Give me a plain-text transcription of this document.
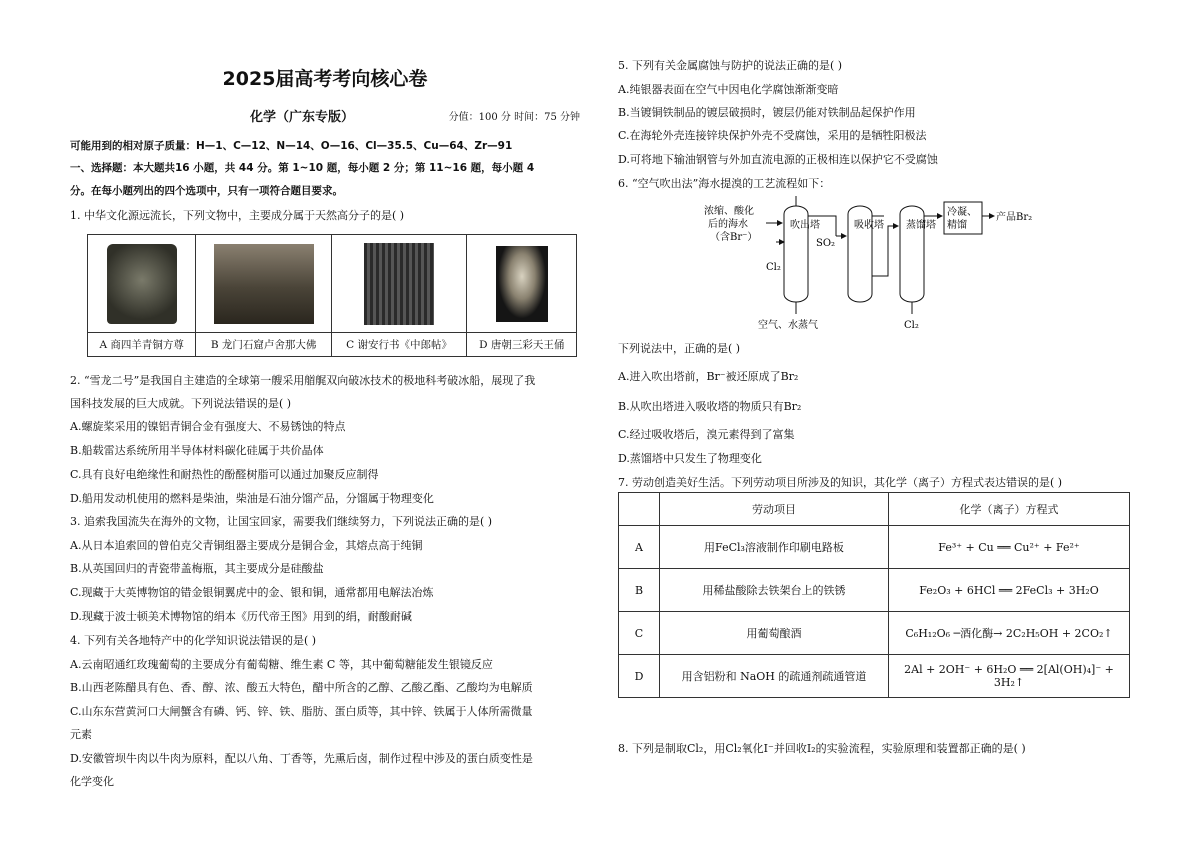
2025届高考考向核心卷
化学（广东专版）	分值：100 分 时间：75 分钟
可能用到的相对原子质量：H—1、C—12、N—14、O—16、Cl—35.5、Cu—64、Zr—91
一、选择题：本大题共16 小题，共 44 分。第 1~10 题，每小题 2 分；第 11~16 题，每小题 4
分。在每小题列出的四个选项中，只有一项符合题目要求。
1. 中华文化源远流长，下列文物中，主要成分属于天然高分子的是( )

A 商四羊青铜方尊	B 龙门石窟卢舍那大佛	C 谢安行书《中郎帖》	D 唐朝三彩天王俑
2. “雪龙二号”是我国自主建造的全球第一艘采用艏艉双向破冰技术的极地科考破冰船，展现了我
国科技发展的巨大成就。下列说法错误的是( )
A.螺旋桨采用的镍铝青铜合金有强度大、不易锈蚀的特点
B.船载雷达系统所用半导体材料碳化硅属于共价晶体
C.具有良好电绝缘性和耐热性的酚醛树脂可以通过加聚反应制得
D.船用发动机使用的燃料是柴油，柴油是石油分馏产品，分馏属于物理变化
3. 追索我国流失在海外的文物，让国宝回家，需要我们继续努力，下列说法正确的是( )
A.从日本追索回的曾伯克父青铜组器主要成分是铜合金，其熔点高于纯铜
B.从英国回归的青瓷带盖梅瓶，其主要成分是硅酸盐
C.现藏于大英博物馆的错金银铜翼虎中的金、银和铜，通常都用电解法冶炼
D.现藏于波士顿美术博物馆的绢本《历代帝王图》用到的绢，耐酸耐碱
4. 下列有关各地特产中的化学知识说法错误的是( )
A.云南昭通红玫瑰葡萄的主要成分有葡萄糖、维生素 C 等，其中葡萄糖能发生银镜反应
B.山西老陈醋具有色、香、醇、浓、酸五大特色，醋中所含的乙醇、乙酸乙酯、乙酸均为电解质
C.山东东营黄河口大闸蟹含有磷、钙、锌、铁、脂肪、蛋白质等，其中锌、铁属于人体所需微量
元素
D.安徽管坝牛肉以牛肉为原料，配以八角、丁香等，先熏后卤，制作过程中涉及的蛋白质变性是
化学变化
5. 下列有关金属腐蚀与防护的说法正确的是( )
A.纯银器表面在空气中因电化学腐蚀渐渐变暗
B.当镀铜铁制品的镀层破损时，镀层仍能对铁制品起保护作用
C.在海轮外壳连接锌块保护外壳不受腐蚀，采用的是牺牲阳极法
D.可将地下输油钢管与外加直流电源的正极相连以保护它不受腐蚀
6. “空气吹出法”海水提溴的工艺流程如下：
浓缩、酸化
后的海水
（含Br⁻）
吹出塔
Cl₂
空气、水蒸气
SO₂
吸收塔 蒸馏塔
Cl₂
冷凝、
精馏
产品Br₂
下列说法中，正确的是( )
A.进入吹出塔前，Br⁻被还原成了Br₂
B.从吹出塔进入吸收塔的物质只有Br₂
C.经过吸收塔后，溴元素得到了富集
D.蒸馏塔中只发生了物理变化
7. 劳动创造美好生活。下列劳动项目所涉及的知识，其化学（离子）方程式表达错误的是( )
	劳动项目	化学（离子）方程式
A	用FeCl₃溶液制作印刷电路板	Fe³⁺ + Cu ══ Cu²⁺ + Fe²⁺
B	用稀盐酸除去铁架台上的铁锈	Fe₂O₃ + 6HCl ══ 2FeCl₃ + 3H₂O
C	用葡萄酿酒	C₆H₁₂O₆ ─酒化酶→ 2C₂H₅OH + 2CO₂↑
D	用含铝粉和 NaOH 的疏通剂疏通管道	2Al + 2OH⁻ + 6H₂O ══ 2[Al(OH)₄]⁻ + 3H₂↑
8. 下列是制取Cl₂，用Cl₂氧化I⁻并回收I₂的实验流程，实验原理和装置都正确的是( )
